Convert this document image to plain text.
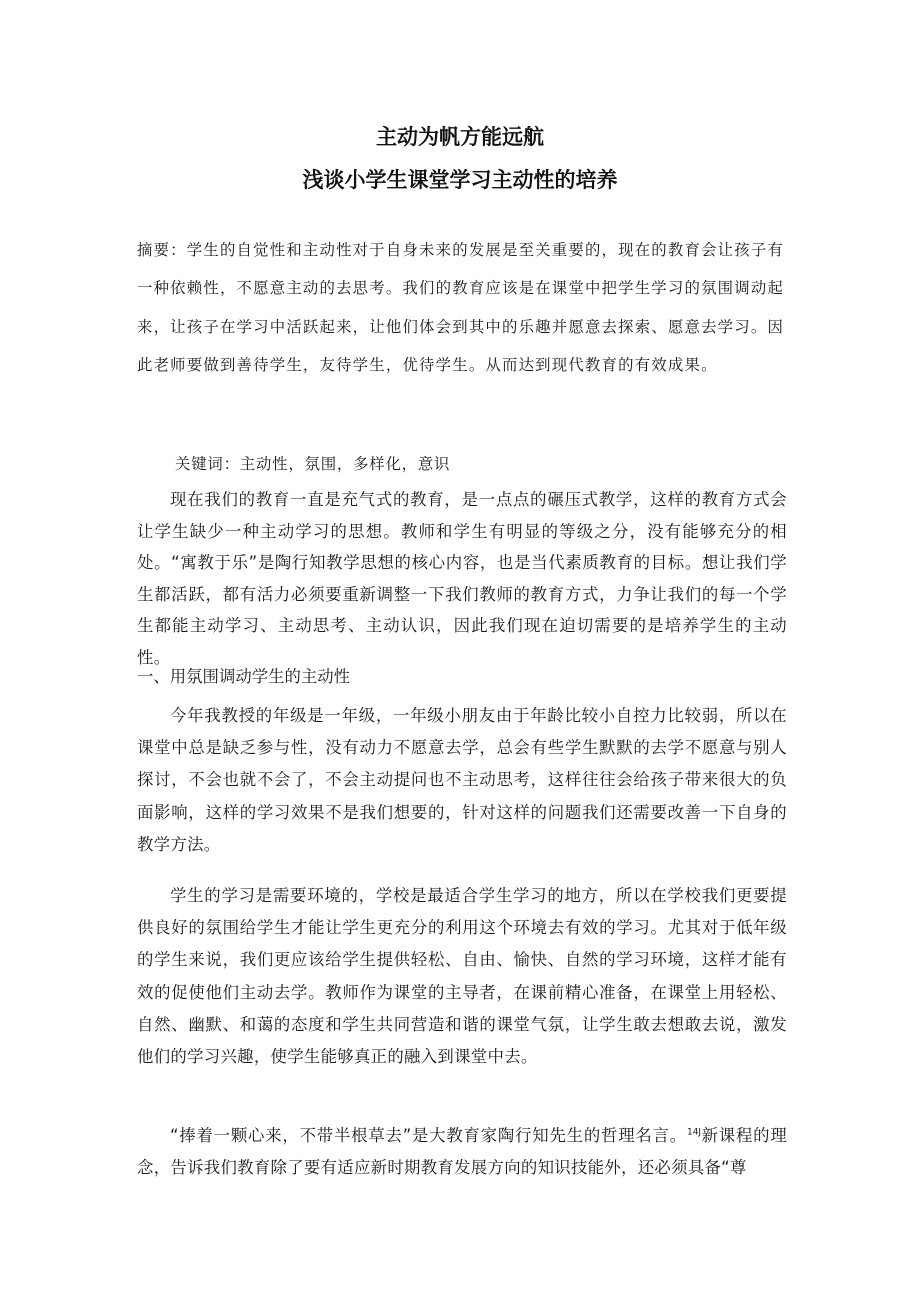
主动为帆方能远航
浅谈小学生课堂学习主动性的培养

摘要：学生的自觉性和主动性对于自身未来的发展是至关重要的，现在的教育会让孩子有一种依赖性，不愿意主动的去思考。我们的教育应该是在课堂中把学生学习的氛围调动起来，让孩子在学习中活跃起来，让他们体会到其中的乐趣并愿意去探索、愿意去学习。因此老师要做到善待学生，友待学生，优待学生。从而达到现代教育的有效成果。

关键词：主动性，氛围，多样化，意识

现在我们的教育一直是充气式的教育，是一点点的碾压式教学，这样的教育方式会让学生缺少一种主动学习的思想。教师和学生有明显的等级之分，没有能够充分的相处。“寓教于乐”是陶行知教学思想的核心内容，也是当代素质教育的目标。想让我们学生都活跃，都有活力必须要重新调整一下我们教师的教育方式，力争让我们的每一个学生都能主动学习、主动思考、主动认识，因此我们现在迫切需要的是培养学生的主动性。

一、用氛围调动学生的主动性

今年我教授的年级是一年级，一年级小朋友由于年龄比较小自控力比较弱，所以在课堂中总是缺乏参与性，没有动力不愿意去学，总会有些学生默默的去学不愿意与别人探讨，不会也就不会了，不会主动提问也不主动思考，这样往往会给孩子带来很大的负面影响，这样的学习效果不是我们想要的，针对这样的问题我们还需要改善一下自身的教学方法。

学生的学习是需要环境的，学校是最适合学生学习的地方，所以在学校我们更要提供良好的氛围给学生才能让学生更充分的利用这个环境去有效的学习。尤其对于低年级的学生来说，我们更应该给学生提供轻松、自由、愉快、自然的学习环境，这样才能有效的促使他们主动去学。教师作为课堂的主导者，在课前精心准备，在课堂上用轻松、自然、幽默、和蔼的态度和学生共同营造和谐的课堂气氛，让学生敢去想敢去说，激发他们的学习兴趣，使学生能够真正的融入到课堂中去。

“捧着一颗心来，不带半根草去”是大教育家陶行知先生的哲理名言。$^{14J}$新课程的理念，告诉我们教育除了要有适应新时期教育发展方向的知识技能外，还必须具备“尊
